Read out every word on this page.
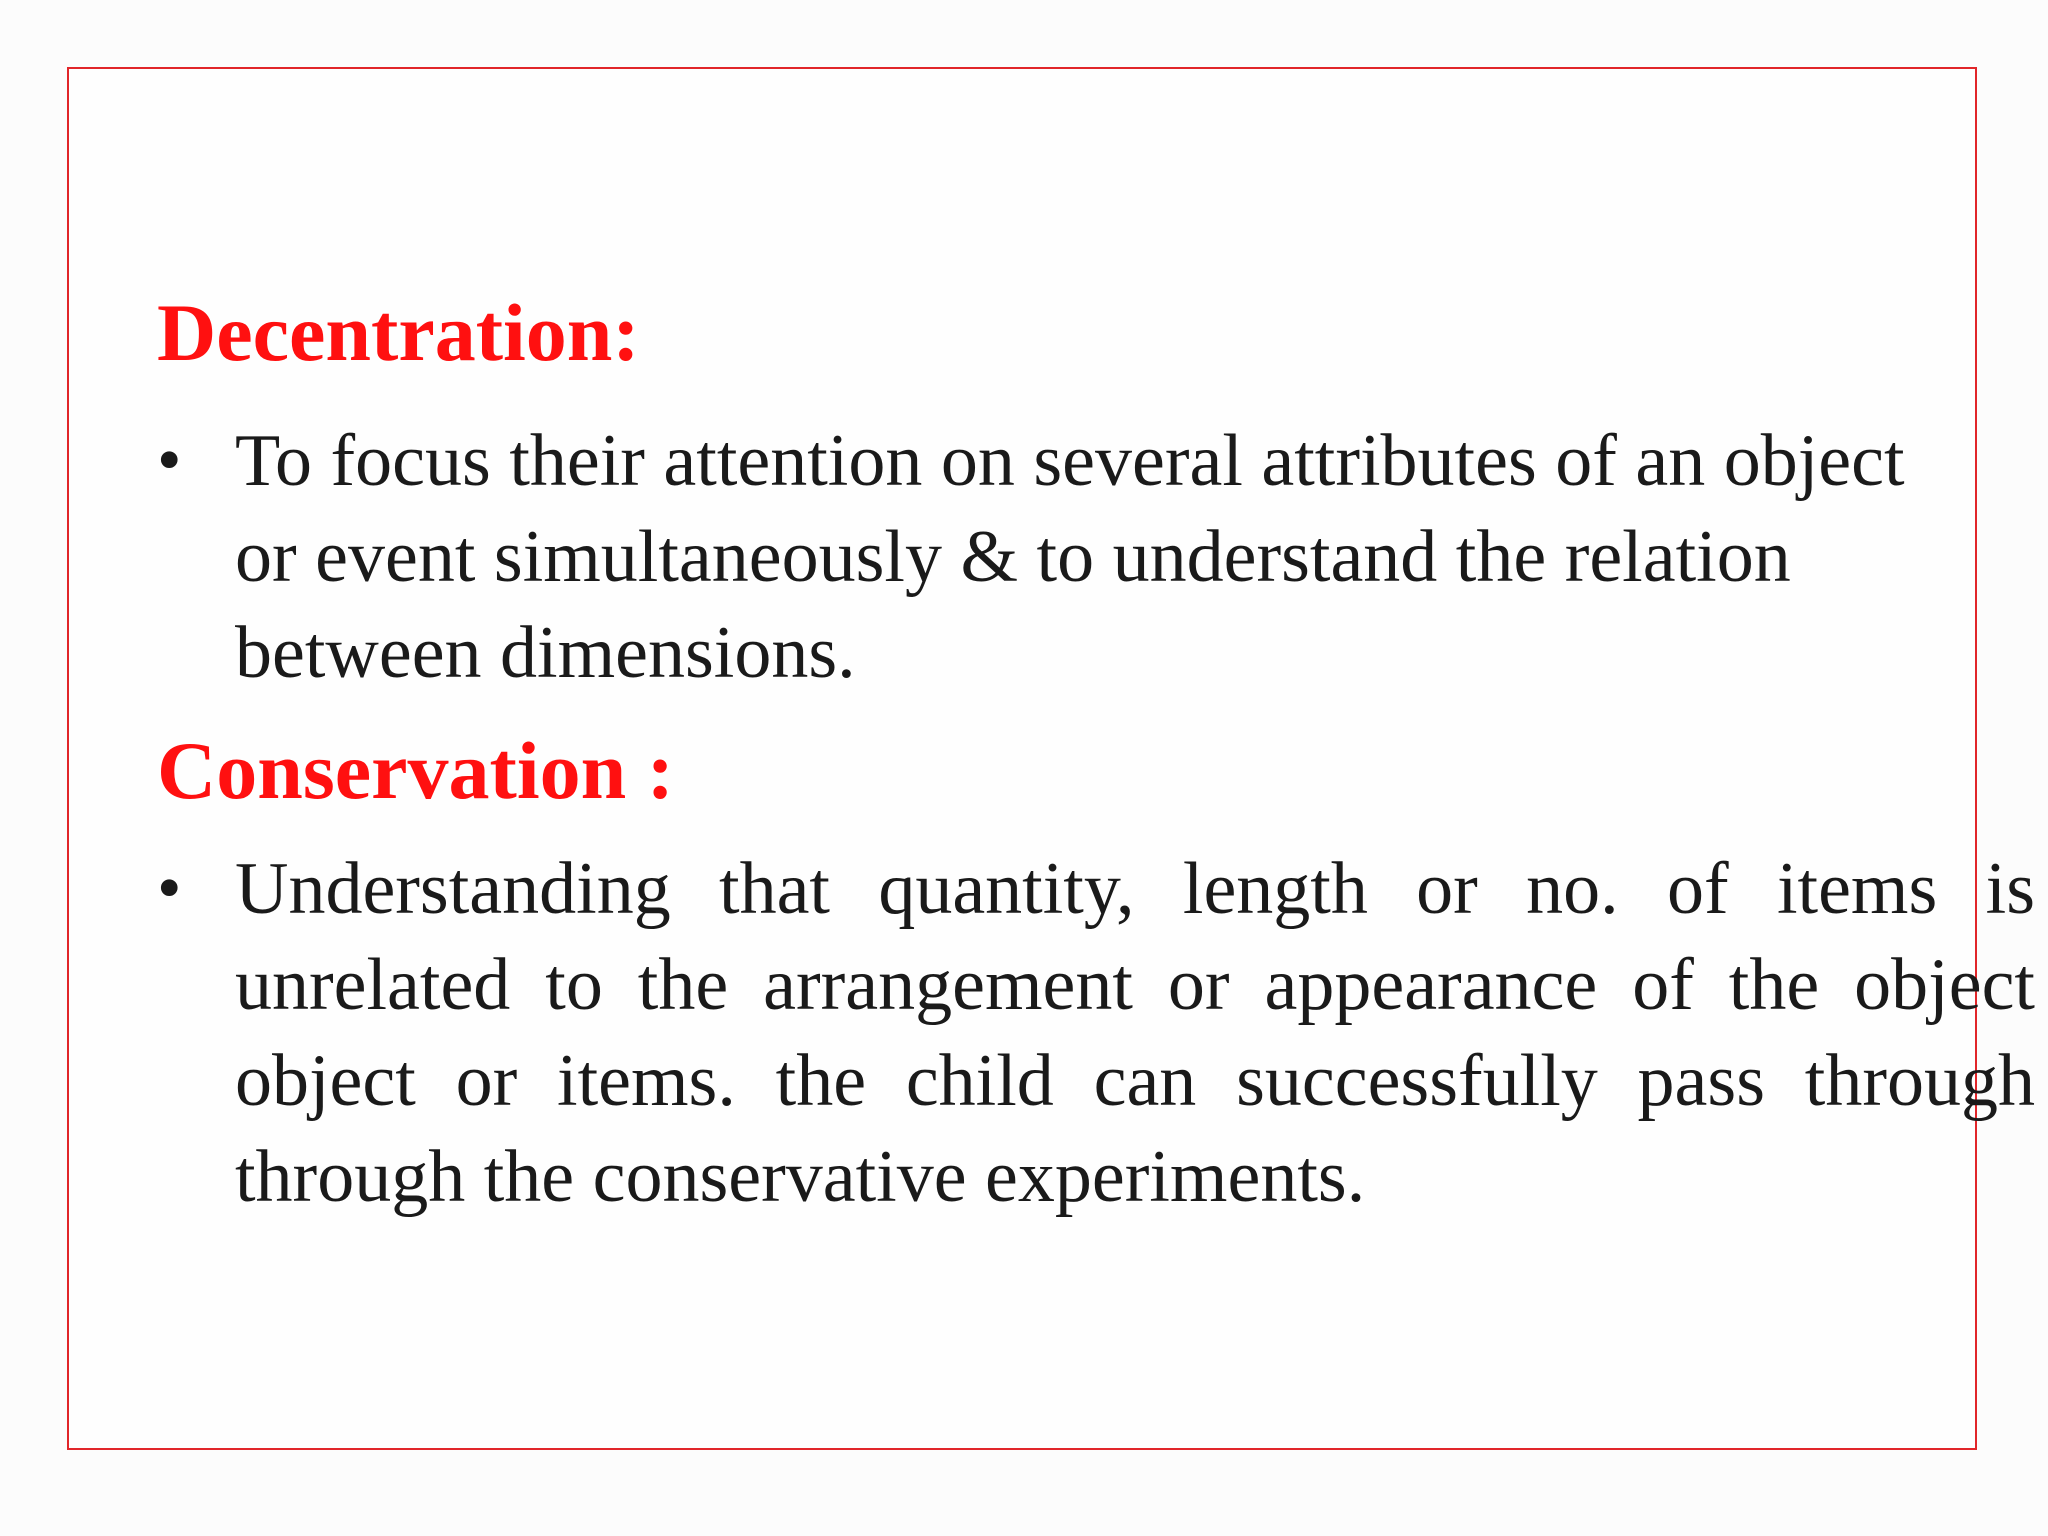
Decentration:
• To focus their attention on several attributes of an object or event simultaneously & to understand the relation between dimensions.

Conservation :
• Understanding that quantity, length or no. of items is unrelated to the arrangement or appearance of the object object or items. the child can successfully pass through through the conservative experiments.
